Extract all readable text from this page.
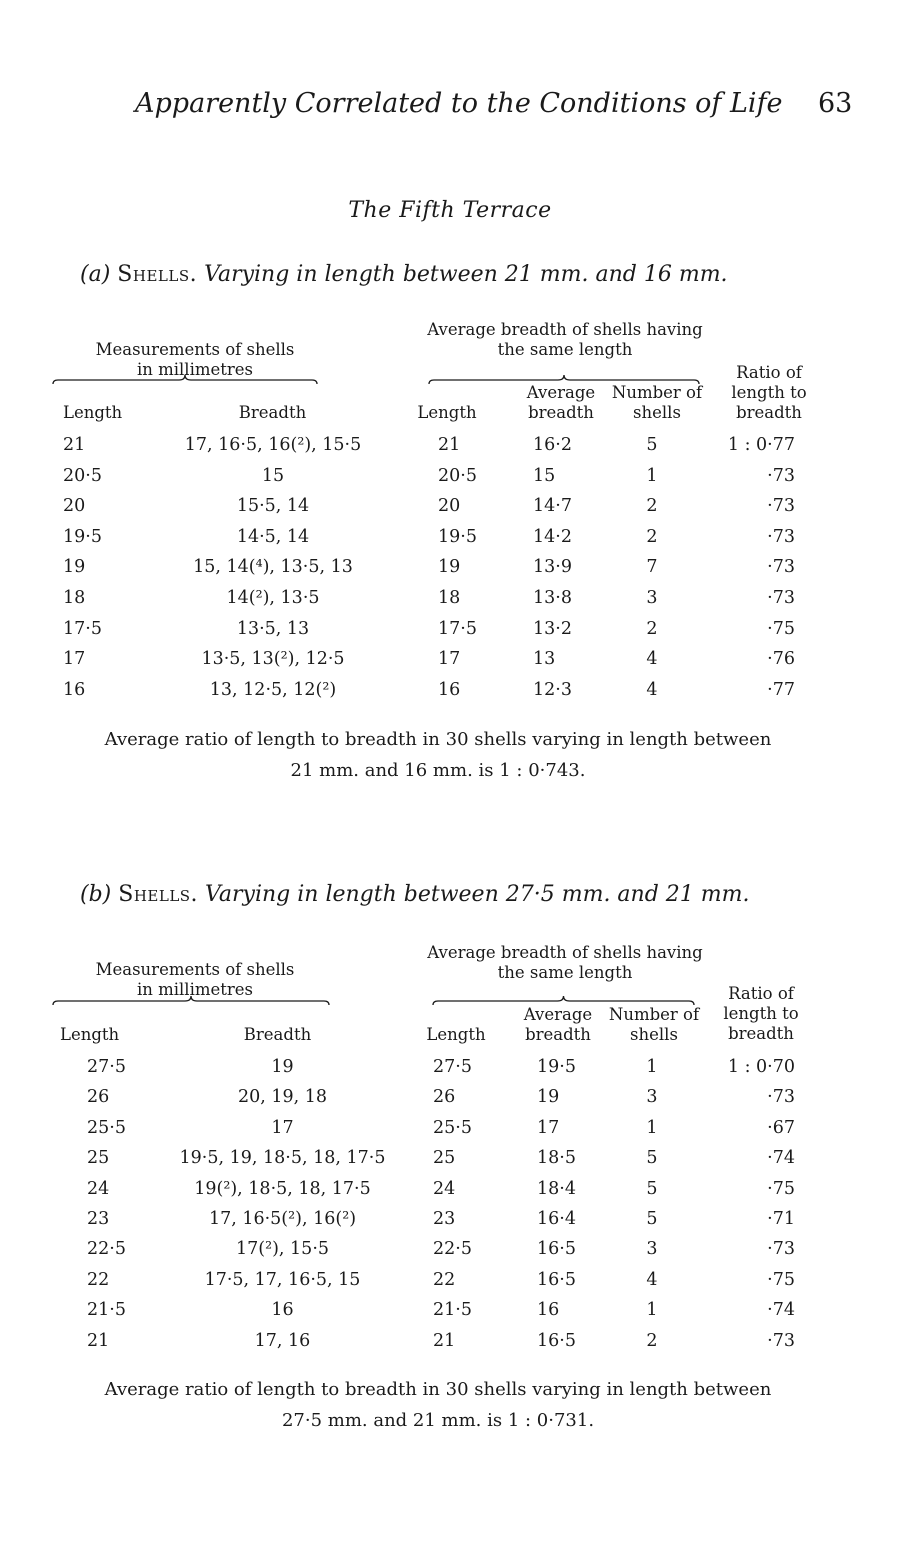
Apparently Correlated to the Conditions of Life 63
The Fifth Terrace
(a) Shells. Varying in length between 21 mm. and 16 mm.
Measurements of shells
in millimetres
Average breadth of shells having
the same length
Length	Breadth	Length
Average
breadth
Number of
shells
Ratio of
length to
breadth
21	17, 16·5, 16(²), 15·5	21	16·2	5	1 : 0·77
20·5	15	20·5	15	1	·73
20	15·5, 14	20	14·7	2	·73
19·5	14·5, 14	19·5	14·2	2	·73
19	15, 14(⁴), 13·5, 13	19	13·9	7	·73
18	14(²), 13·5	18	13·8	3	·73
17·5	13·5, 13	17·5	13·2	2	·75
17	13·5, 13(²), 12·5	17	13	4	·76
16	13, 12·5, 12(²)	16	12·3	4	·77
Average ratio of length to breadth in 30 shells varying in length between
21 mm. and 16 mm. is 1 : 0·743.
(b) Shells. Varying in length between 27·5 mm. and 21 mm.
Measurements of shells
in millimetres
Average breadth of shells having
the same length
Length	Breadth	Length
Average
breadth
Number of
shells
Ratio of
length to
breadth
27·5	19	27·5	19·5	1	1 : 0·70
26	20, 19, 18	26	19	3	·73
25·5	17	25·5	17	1	·67
25	19·5, 19, 18·5, 18, 17·5	25	18·5	5	·74
24	19(²), 18·5, 18, 17·5	24	18·4	5	·75
23	17, 16·5(²), 16(²)	23	16·4	5	·71
22·5	17(²), 15·5	22·5	16·5	3	·73
22	17·5, 17, 16·5, 15	22	16·5	4	·75
21·5	16	21·5	16	1	·74
21	17, 16	21	16·5	2	·73
Average ratio of length to breadth in 30 shells varying in length between
27·5 mm. and 21 mm. is 1 : 0·731.
